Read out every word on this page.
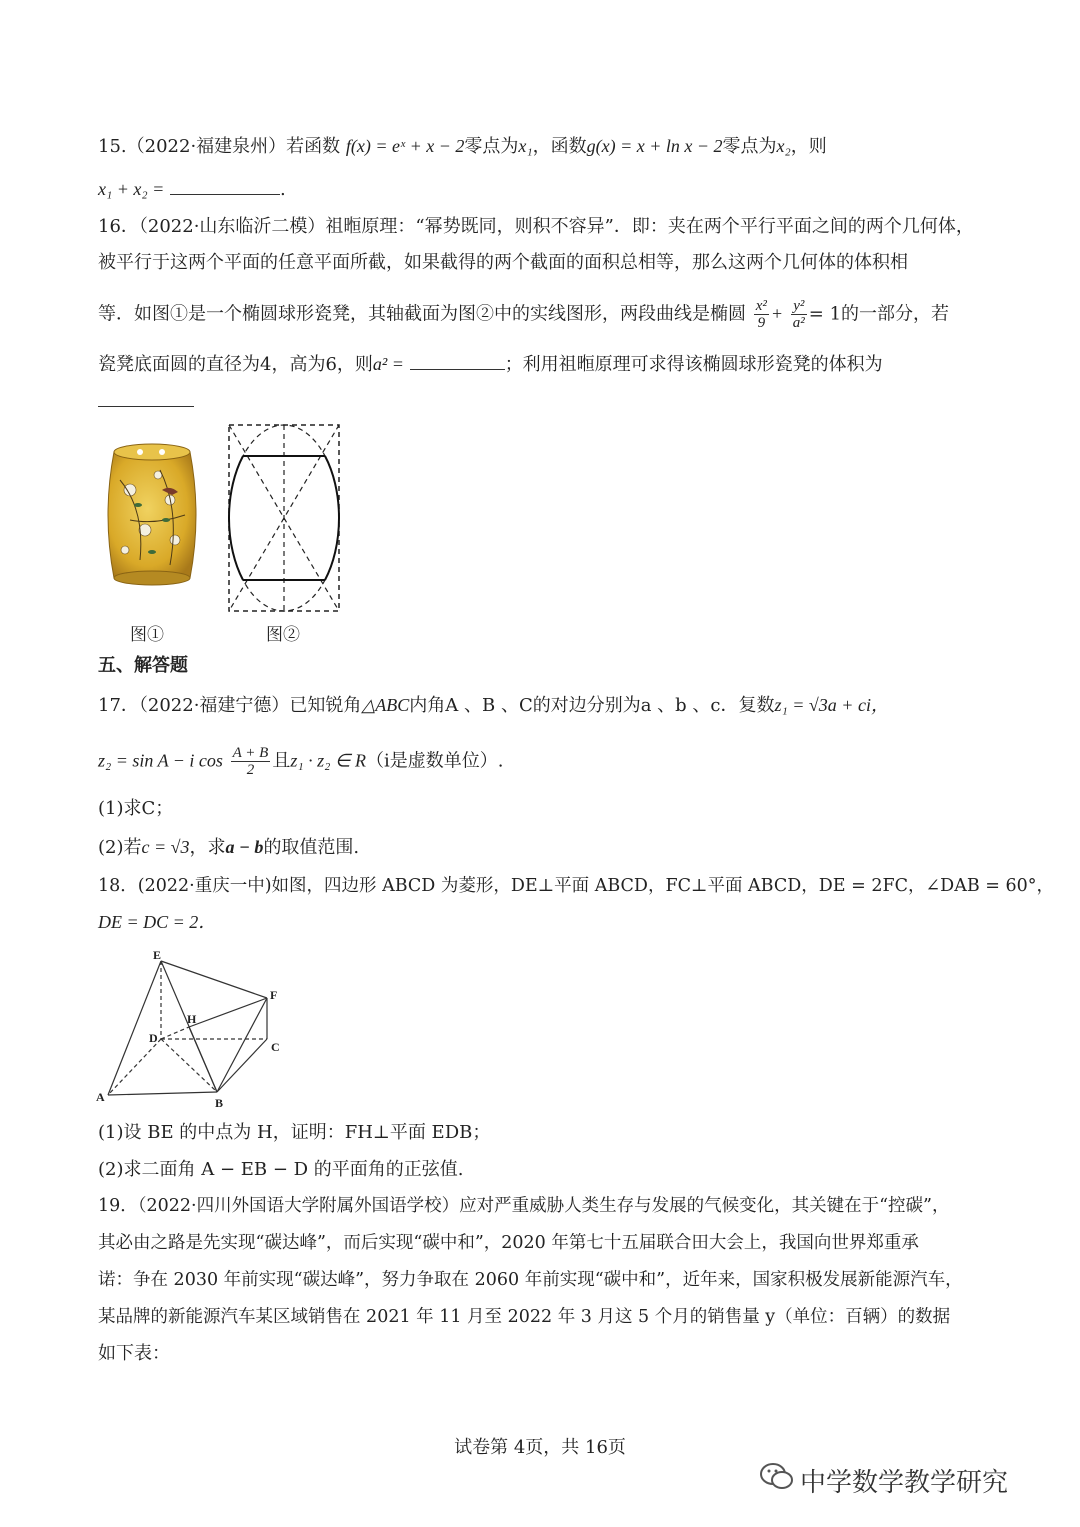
15.（2022·福建泉州）若函数 f(x) = eˣ + x − 2零点为x₁，函数g(x) = x + ln x − 2零点为x₂，则
x₁ + x₂ =	.
16．（2022·山东临沂二模）祖暅原理：“幂势既同，则积不容异”．即：夹在两个平行平面之间的两个几何体，
被平行于这两个平面的任意平面所截，如果截得的两个截面的面积总相等，那么这两个几何体的体积相
等．如图①是一个椭圆球形瓷凳，其轴截面为图②中的实线图形，两段曲线是椭圆 $\frac{\text{x²}}{9} + \frac{\text{y²}}{\text{a²}} = 1$的一部分，若
瓷凳底面圆的直径为4，高为6，则a² =	；利用祖暅原理可求得该椭圆球形瓷凳的体积为
图①	图②
五、解答题
17．（2022·福建宁德）已知锐角△ABC内角A 、B 、C的对边分别为a 、b 、c．复数z₁ = √3a + ci，
z₂ = sin A − i $\cos \frac{A + B}{2}$ 且z₁ · z₂ ∈ R（i是虚数单位）.
(1)求C；
(2)若c = √3，求a − b的取值范围.
18．(2022·重庆一中)如图，四边形 ABCD 为菱形，DE⊥平面 ABCD，FC⊥平面 ABCD，DE = 2FC，∠DAB = 60°，
DE = DC = 2．
E
F
H
D
C
A	B
(1)设 BE 的中点为 H，证明：FH⊥平面 EDB；
(2)求二面角 A − EB − D 的平面角的正弦值.
19．（2022·四川外国语大学附属外国语学校）应对严重威胁人类生存与发展的气候变化，其关键在于“控碳”，
其必由之路是先实现“碳达峰”，而后实现“碳中和”，2020 年第七十五届联合田大会上，我国向世界郑重承
诺：争在 2030 年前实现“碳达峰”，努力争取在 2060 年前实现“碳中和”，近年来，国家积极发展新能源汽车，
某品牌的新能源汽车某区域销售在 2021 年 11 月至 2022 年 3 月这 5 个月的销售量 y（单位：百辆）的数据
如下表：
试卷第 4页，共 16页
中学数学教学研究
